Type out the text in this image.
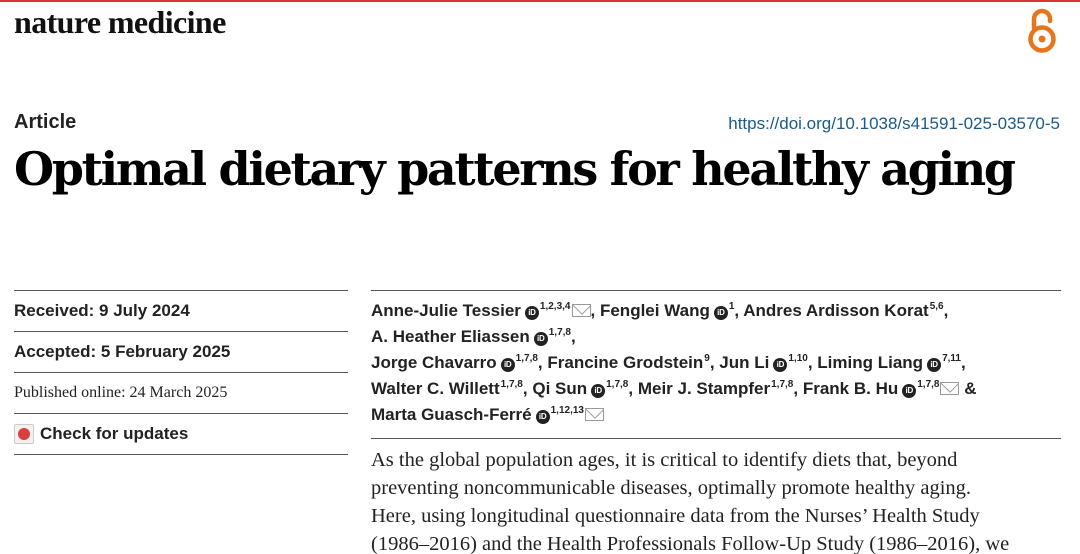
nature medicine
Article	https://doi.org/10.1038/s41591-025-03570-5
Optimal dietary patterns for healthy aging
Received: 9 July 2024
Accepted: 5 February 2025
Published online: 24 March 2025
Check for updates
Anne-Julie Tessier iD$^{1,2,3,4}$ , Fenglei Wang $iD^1$, Andres Ardisson Korat$^{5,6}$, A. Heather Eliassen iD$^{1,7,8}$,
Jorge Chavarro iD$^{1,7,8}$, Francine Grodstein$^9$, Jun Li iD$^{1,10}$, Liming Liang iD$^{7,11}$,
Walter C. Willett$^{1,7,8}$, Qi Sun iD$^{1,7,8}$, Meir J. Stampfer$^{1,7,8}$, Frank B. Hu iD$^{1,7,8}$ &
Marta Guasch-Ferré iD$^{1,12,13}$
As the global population ages, it is critical to identify diets that, beyond
preventing noncommunicable diseases, optimally promote healthy aging.
Here, using longitudinal questionnaire data from the Nurses’ Health Study
(1986–2016) and the Health Professionals Follow-Up Study (1986–2016), we
